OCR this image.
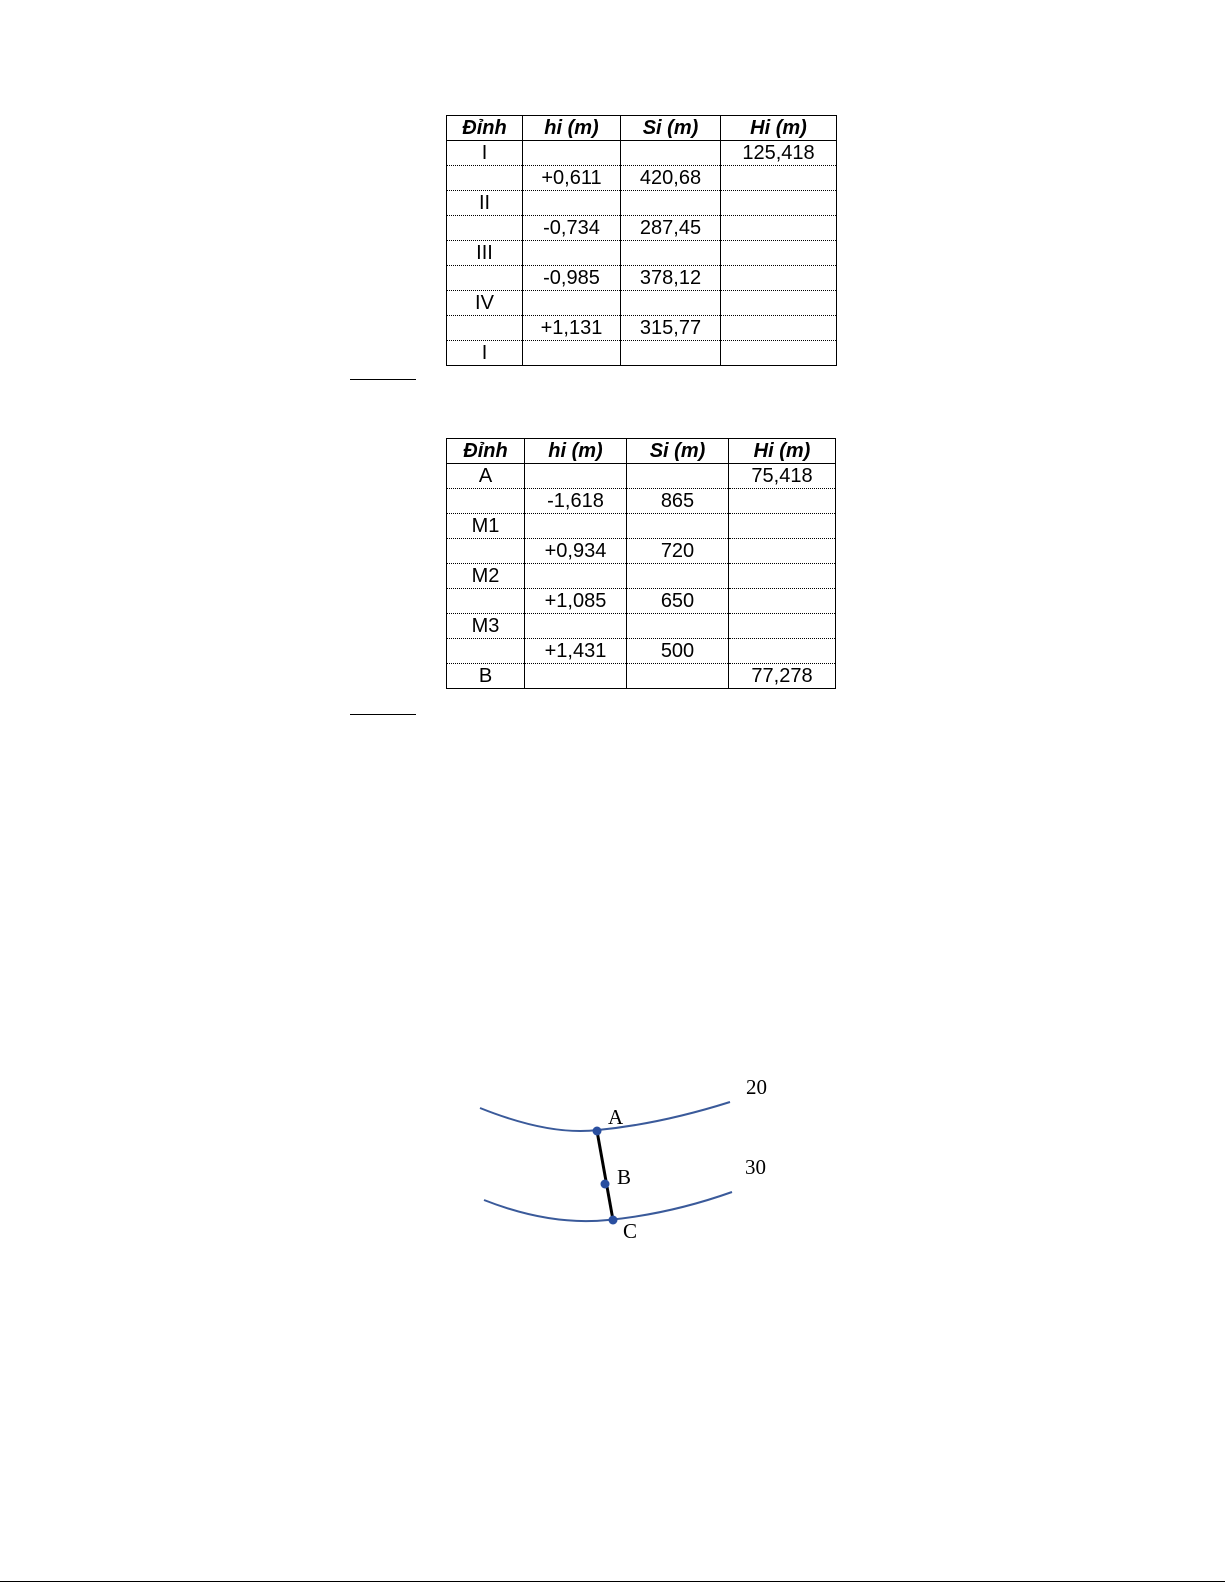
Đỉnh	hi (m)	Si (m)	Hi (m)
I			125,418
	+0,611	420,68	
II			
	-0,734	287,45	
III			
	-0,985	378,12	
IV			
	+1,131	315,77	
I			
Đỉnh	hi (m)	Si (m)	Hi (m)
A			75,418
	-1,618	865	
M1			
	+0,934	720	
M2			
	+1,085	650	
M3			
	+1,431	500	
B			77,278
A
B
C
20
30
